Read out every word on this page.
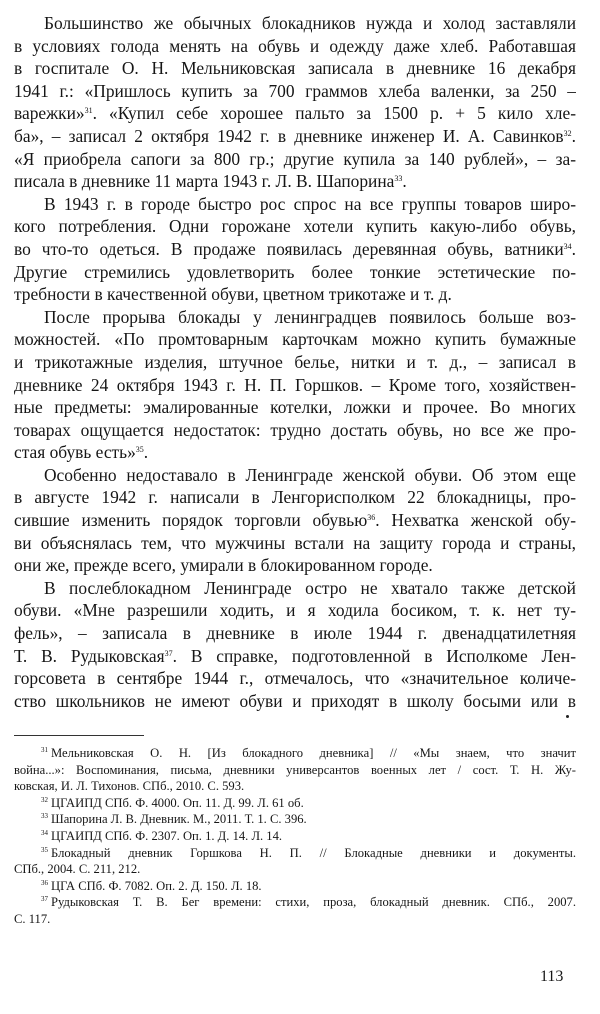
Большинство же обычных блокадников нужда и холод заставляли
в условиях голода менять на обувь и одежду даже хлеб. Работавшая
в госпитале О. Н. Мельниковская записала в дневнике 16 декабря
1941 г.: «Пришлось купить за 700 граммов хлеба валенки, за 250 –
варежки»$^{31}$. «Купил себе хорошее пальто за 1500 р. + 5 кило хле-
ба», – записал 2 октября 1942 г. в дневнике инженер И. А. Савинков$^{32}$.
«Я приобрела сапоги за 800 гр.; другие купила за 140 рублей», – за-
писала в дневнике 11 марта 1943 г. Л. В. Шапорина$^{33}$.
В 1943 г. в городе быстро рос спрос на все группы товаров широ-
кого потребления. Одни горожане хотели купить какую-либо обувь,
во что-то одеться. В продаже появилась деревянная обувь, ватники$^{34}$.
Другие стремились удовлетворить более тонкие эстетические по-
требности в качественной обуви, цветном трикотаже и т. д.
После прорыва блокады у ленинградцев появилось больше воз-
можностей. «По промтоварным карточкам можно купить бумажные
и трикотажные изделия, штучное белье, нитки и т. д., – записал в
дневнике 24 октября 1943 г. Н. П. Горшков. – Кроме того, хозяйствен-
ные предметы: эмалированные котелки, ложки и прочее. Во многих
товарах ощущается недостаток: трудно достать обувь, но все же про-
стая обувь есть»$^{35}$.
Особенно недоставало в Ленинграде женской обуви. Об этом еще
в августе 1942 г. написали в Ленгорисполком 22 блокадницы, про-
сившие изменить порядок торговли обувью$^{36}$. Нехватка женской обу-
ви объяснялась тем, что мужчины встали на защиту города и страны,
они же, прежде всего, умирали в блокированном городе.
В послеблокадном Ленинграде остро не хватало также детской
обуви. «Мне разрешили ходить, и я ходила босиком, т. к. нет ту-
фель», – записала в дневнике в июле 1944 г. двенадцатилетняя
Т. В. Рудыковская$^{37}$. В справке, подготовленной в Исполкоме Лен-
горсовета в сентябре 1944 г., отмечалось, что «значительное количе-
ство школьников не имеют обуви и приходят в школу босыми или в
$^{31}$ Мельниковская О. Н. [Из блокадного дневника] // «Мы знаем, что значит
война...»: Воспоминания, письма, дневники универсантов военных лет / сост. Т. Н. Жу-
ковская, И. Л. Тихонов. СПб., 2010. С. 593.
$^{32}$ ЦГАИПД СПб. Ф. 4000. Оп. 11. Д. 99. Л. 61 об.
$^{33}$ Шапорина Л. В. Дневник. М., 2011. Т. 1. С. 396.
$^{34}$ ЦГАИПД СПб. Ф. 2307. Оп. 1. Д. 14. Л. 14.
$^{35}$ Блокадный дневник Горшкова Н. П. // Блокадные дневники и документы.
СПб., 2004. С. 211, 212.
$^{36}$ ЦГА СПб. Ф. 7082. Оп. 2. Д. 150. Л. 18.
$^{37}$ Рудыковская Т. В. Бег времени: стихи, проза, блокадный дневник. СПб., 2007.
С. 117.
113
